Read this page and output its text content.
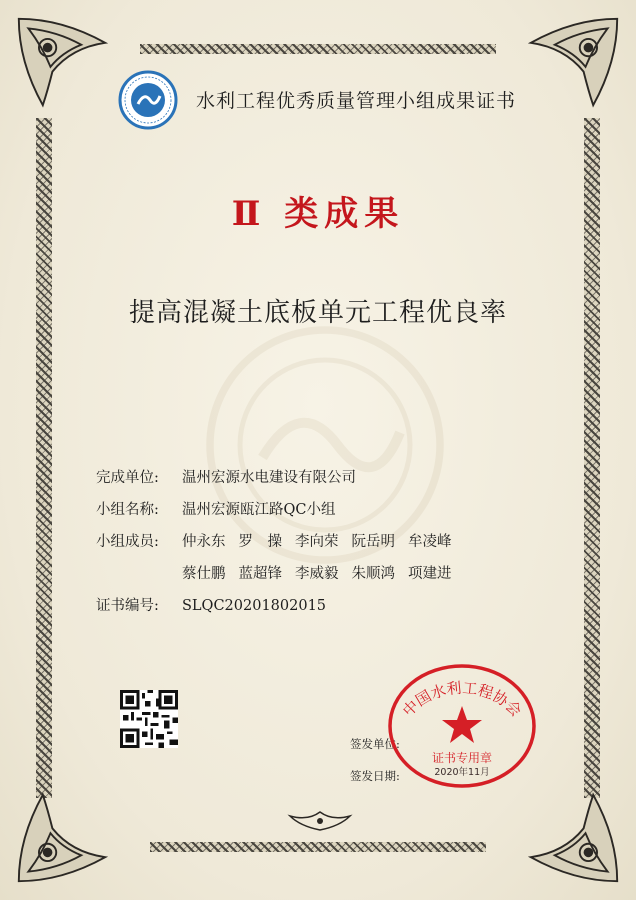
水利工程优秀质量管理小组成果证书
Ⅱ 类成果
提高混凝土底板单元工程优良率
完成单位:	温州宏源水电建设有限公司
小组名称:	温州宏源瓯江路QC小组
小组成员:	仲永东 罗　操 李向荣 阮岳明 牟凌峰
蔡仕鹏 蓝超锋 李威毅 朱顺鸿 项建进
证书编号:	SLQC20201802015
签发单位:
签发日期:
中国水利工程协会
证书专用章
2020年11月
